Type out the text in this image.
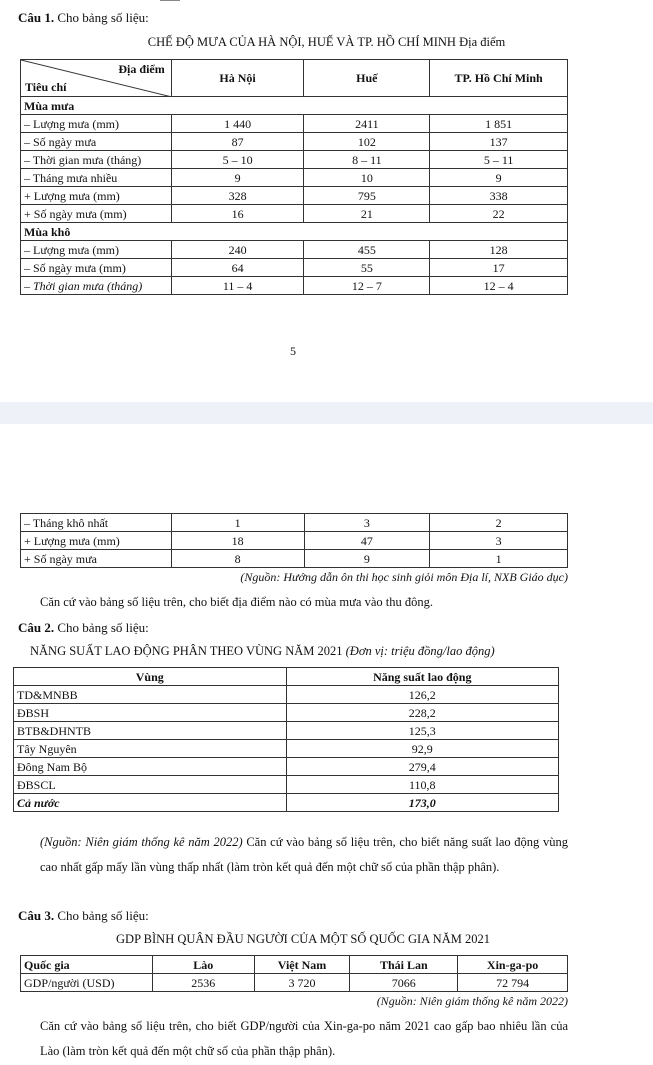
Câu 1. Cho bảng số liệu:
CHẾ ĐỘ MƯA CỦA HÀ NỘI, HUẾ VÀ TP. HỒ CHÍ MINH Địa điểm
Địa điểm
Tiêu chí	Hà Nội	Huế	TP. Hồ Chí Minh
Mùa mưa			
– Lượng mưa (mm)	1 440	2411	1 851
– Số ngày mưa	87	102	137
– Thời gian mưa (tháng)	5 – 10	8 – 11	5 – 11
– Tháng mưa nhiều	9	10	9
+ Lượng mưa (mm)	328	795	338
+ Số ngày mưa (mm)	16	21	22
Mùa khô			
– Lượng mưa (mm)	240	455	128
– Số ngày mưa (mm)	64	55	17
– Thời gian mưa (tháng)	11 – 4	12 – 7	12 – 4
5
– Tháng khô nhất	1	3	2
+ Lượng mưa (mm)	18	47	3
+ Số ngày mưa	8	9	1
(Nguồn: Hướng dẫn ôn thi học sinh giỏi môn Địa lí, NXB Giáo dục)
Căn cứ vào bảng số liệu trên, cho biết địa điểm nào có mùa mưa vào thu đông.
Câu 2. Cho bảng số liệu:
NĂNG SUẤT LAO ĐỘNG PHÂN THEO VÙNG NĂM 2021 (Đơn vị: triệu đồng/lao động)
Vùng	Năng suất lao động
TD&MNBB	126,2
ĐBSH	228,2
BTB&DHNTB	125,3
Tây Nguyên	92,9
Đông Nam Bộ	279,4
ĐBSCL	110,8
Cả nước	173,0
(Nguồn: Niên giám thống kê năm 2022) Căn cứ vào bảng số liệu trên, cho biết năng suất lao động vùng cao nhất gấp mấy lần vùng thấp nhất (làm tròn kết quả đến một chữ số của phần thập phân).
Câu 3. Cho bảng số liệu:
GDP BÌNH QUÂN ĐẦU NGƯỜI CỦA MỘT SỐ QUỐC GIA NĂM 2021
Quốc gia	Lào	Việt Nam	Thái Lan	Xin-ga-po
GDP/người (USD)	2536	3 720	7066	72 794
(Nguồn: Niên giám thống kê năm 2022)
Căn cứ vào bảng số liệu trên, cho biết GDP/người của Xin-ga-po năm 2021 cao gấp bao nhiêu lần của Lào (làm tròn kết quả đến một chữ số của phần thập phân).
